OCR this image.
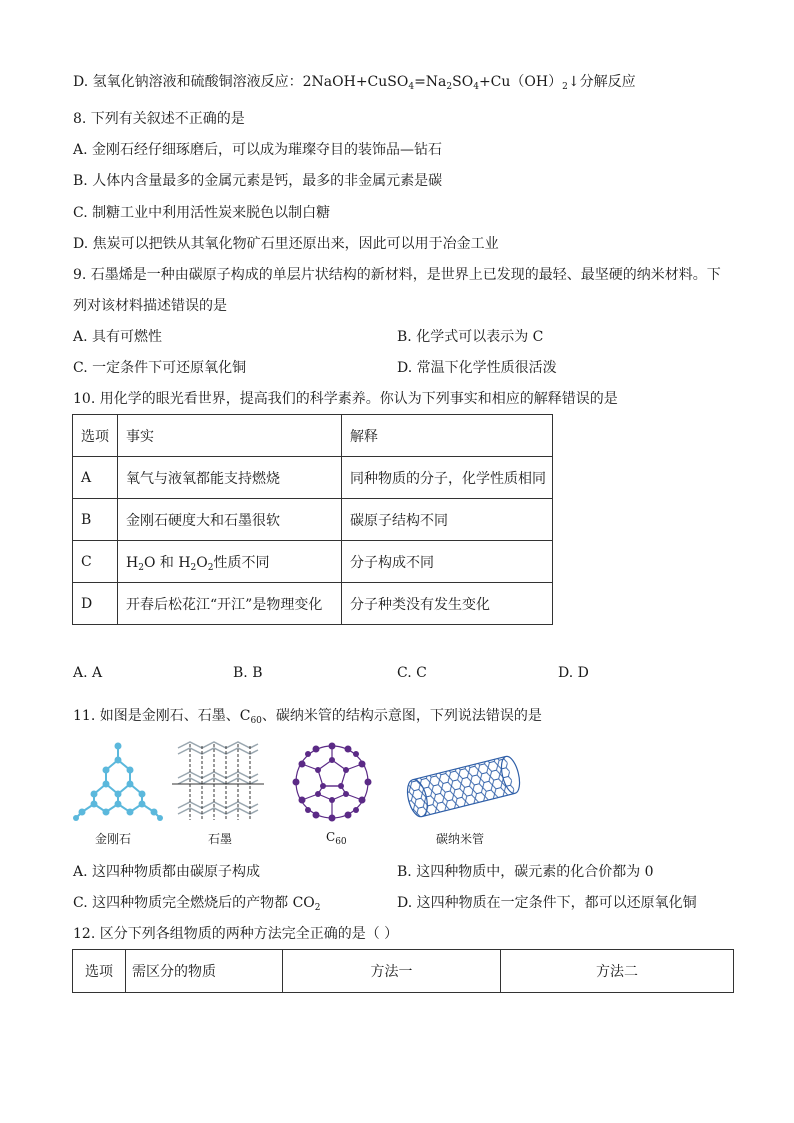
D. 氢氧化钠溶液和硫酸铜溶液反应：$2NaOH+CuSO_4=Na_2SO_4+Cu(OH)_2↓$分解反应
8. 下列有关叙述不正确的是
A. 金刚石经仔细琢磨后，可以成为璀璨夺目的装饰品—钻石
B. 人体内含量最多的金属元素是钙，最多的非金属元素是碳
C. 制糖工业中利用活性炭来脱色以制白糖
D. 焦炭可以把铁从其氧化物矿石里还原出来，因此可以用于冶金工业
9. 石墨烯是一种由碳原子构成的单层片状结构的新材料，是世界上已发现的最轻、最坚硬的纳米材料。下
列对该材料描述错误的是
A. 具有可燃性	B. 化学式可以表示为 C
C. 一定条件下可还原氧化铜	D. 常温下化学性质很活泼
10. 用化学的眼光看世界，提高我们的科学素养。你认为下列事实和相应的解释错误的是
选项	事实	解释
A	氧气与液氧都能支持燃烧	同种物质的分子，化学性质相同
B	金刚石硬度大和石墨很软	碳原子结构不同
C	$H_2O$ 和 $H_2O_2$性质不同	分子构成不同
D	开春后松花江“开江”是物理变化	分子种类没有发生变化
A. A	B. B	C. C	D. D
11. 如图是金刚石、石墨、$C_{60}$、碳纳米管的结构示意图，下列说法错误的是
金刚石	石墨	$C_{60}$	碳纳米管
A. 这四种物质都由碳原子构成	B. 这四种物质中，碳元素的化合价都为 0
C. 这四种物质完全燃烧后的产物都 $CO_2$	D. 这四种物质在一定条件下，都可以还原氧化铜
12. 区分下列各组物质的两种方法完全正确的是（ ）
选项	需区分的物质	方法一	方法二
